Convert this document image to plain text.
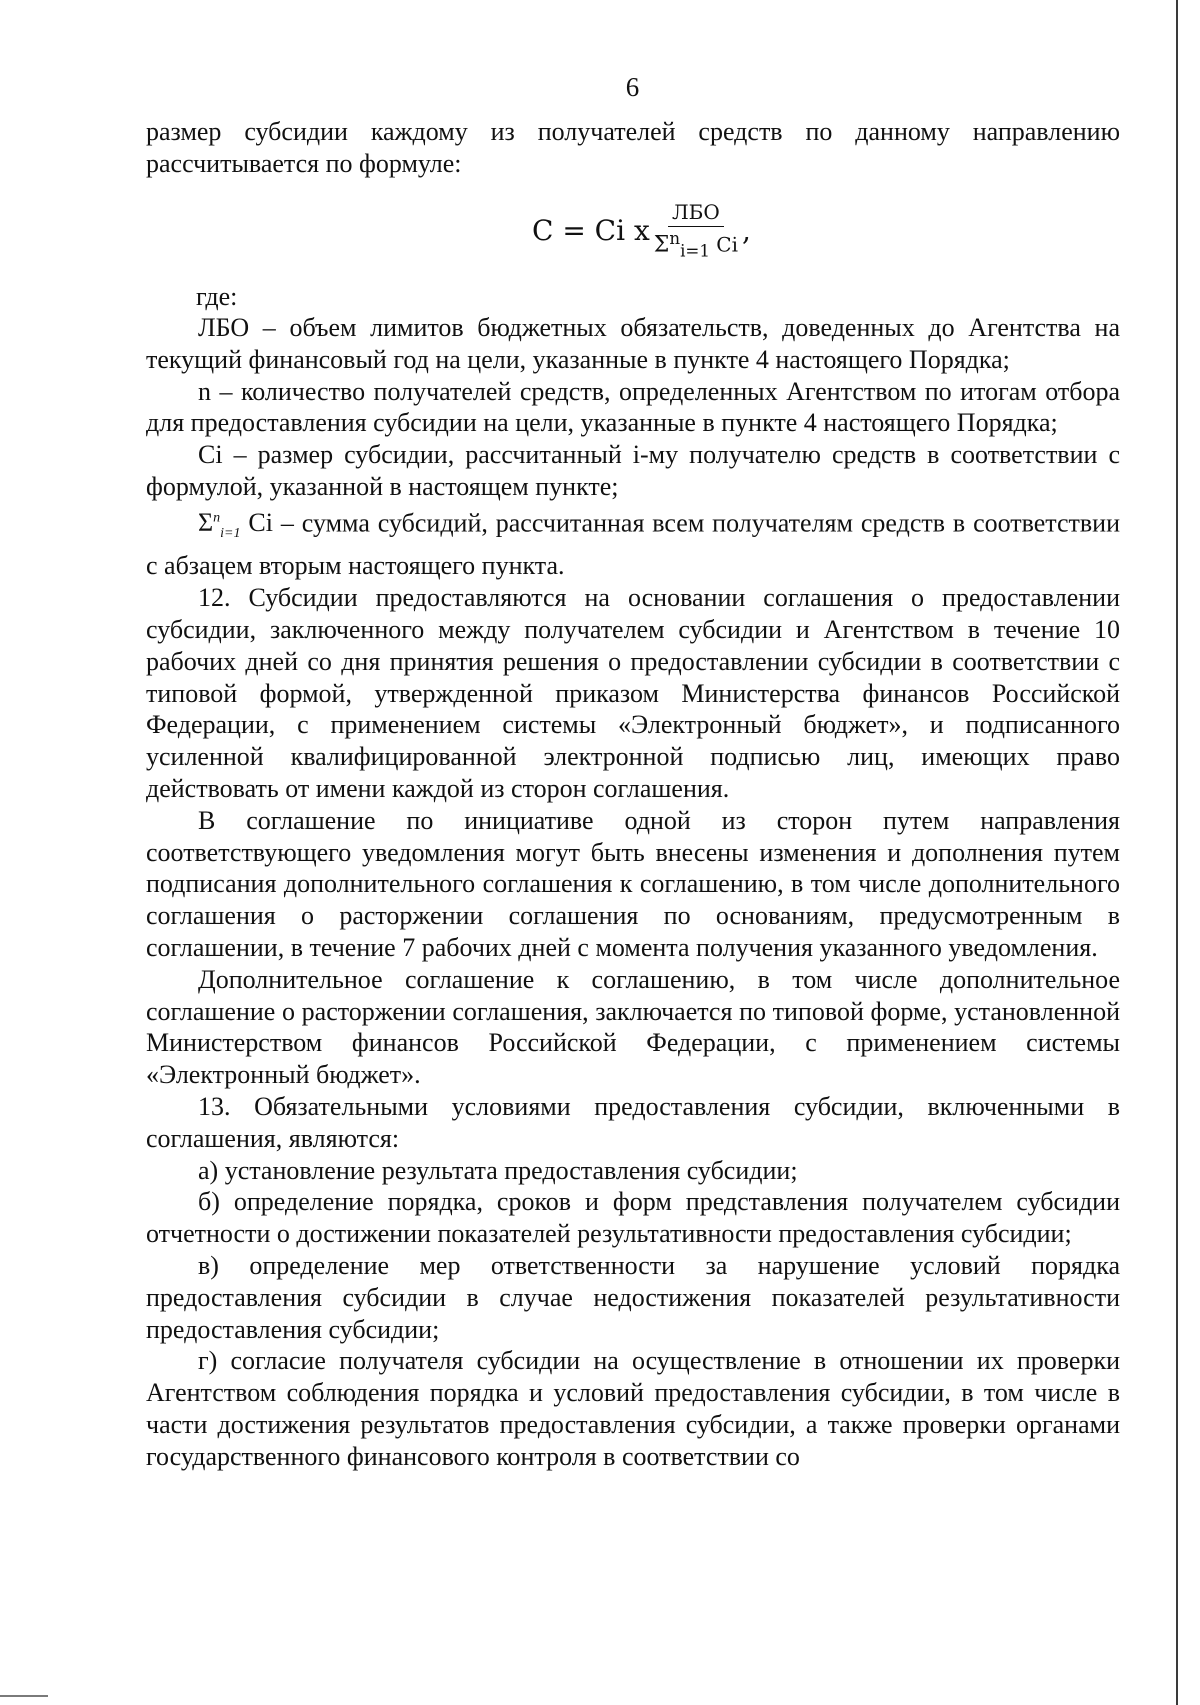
6

размер субсидии каждому из получателей средств по данному направлению рассчитывается по формуле:

C = Ci x $\frac{\text{ЛБО}}{\Sigma^n_{i=1} Ci}$ ,
где:

ЛБО – объем лимитов бюджетных обязательств, доведенных до Агентства на текущий финансовый год на цели, указанные в пункте 4 настоящего Порядка;

n – количество получателей средств, определенных Агентством по итогам отбора для предоставления субсидии на цели, указанные в пункте 4 настоящего Порядка;

Ci – размер субсидии, рассчитанный i-му получателю средств в соответствии с формулой, указанной в настоящем пункте;

$\Sigma^n_{i=1}$ Ci – сумма субсидий, рассчитанная всем получателям средств в соответствии с абзацем вторым настоящего пункта.

12. Субсидии предоставляются на основании соглашения о предоставлении субсидии, заключенного между получателем субсидии и Агентством в течение 10 рабочих дней со дня принятия решения о предоставлении субсидии в соответствии с типовой формой, утвержденной приказом Министерства финансов Российской Федерации, с применением системы «Электронный бюджет», и подписанного усиленной квалифицированной электронной подписью лиц, имеющих право действовать от имени каждой из сторон соглашения.

В соглашение по инициативе одной из сторон путем направления соответствующего уведомления могут быть внесены изменения и дополнения путем подписания дополнительного соглашения к соглашению, в том числе дополнительного соглашения о расторжении соглашения по основаниям, предусмотренным в соглашении, в течение 7 рабочих дней с момента получения указанного уведомления.

Дополнительное соглашение к соглашению, в том числе дополнительное соглашение о расторжении соглашения, заключается по типовой форме, установленной Министерством финансов Российской Федерации, с применением системы «Электронный бюджет».

13. Обязательными условиями предоставления субсидии, включенными в соглашения, являются:

а) установление результата предоставления субсидии;

б) определение порядка, сроков и форм представления получателем субсидии отчетности о достижении показателей результативности предоставления субсидии;

в) определение мер ответственности за нарушение условий порядка предоставления субсидии в случае недостижения показателей результативности предоставления субсидии;

г) согласие получателя субсидии на осуществление в отношении их проверки Агентством соблюдения порядка и условий предоставления субсидии, в том числе в части достижения результатов предоставления субсидии, а также проверки органами государственного финансового контроля в соответствии со
